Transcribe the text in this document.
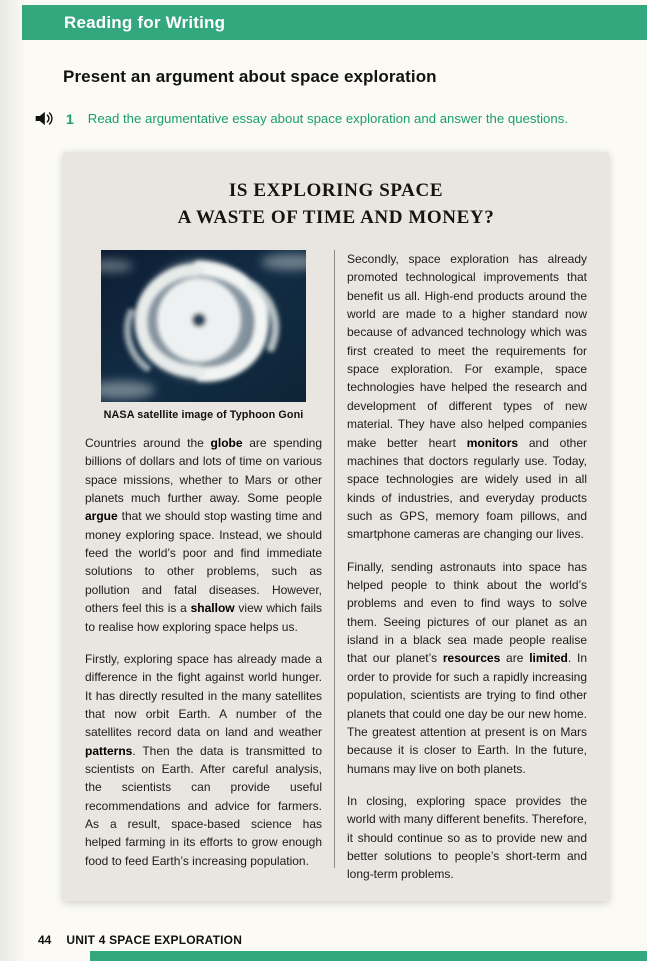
Reading for Writing
Present an argument about space exploration
1 Read the argumentative essay about space exploration and answer the questions.
IS EXPLORING SPACE
A WASTE OF TIME AND MONEY?
NASA satellite image of Typhoon Goni

Countries around the globe are spending billions of dollars and lots of time on various space missions, whether to Mars or other planets much further away. Some people argue that we should stop wasting time and money exploring space. Instead, we should feed the world’s poor and find immediate solutions to other problems, such as pollution and fatal diseases. However, others feel this is a shallow view which fails to realise how exploring space helps us.

Firstly, exploring space has already made a difference in the fight against world hunger. It has directly resulted in the many satellites that now orbit Earth. A number of the satellites record data on land and weather patterns. Then the data is transmitted to scientists on Earth. After careful analysis, the scientists can provide useful recommendations and advice for farmers. As a result, space-based science has helped farming in its efforts to grow enough food to feed Earth’s increasing population.

Secondly, space exploration has already promoted technological improvements that benefit us all. High-end products around the world are made to a higher standard now because of advanced technology which was first created to meet the requirements for space exploration. For example, space technologies have helped the research and development of different types of new material. They have also helped companies make better heart monitors and other machines that doctors regularly use. Today, space technologies are widely used in all kinds of industries, and everyday products such as GPS, memory foam pillows, and smartphone cameras are changing our lives.

Finally, sending astronauts into space has helped people to think about the world’s problems and even to find ways to solve them. Seeing pictures of our planet as an island in a black sea made people realise that our planet’s resources are limited. In order to provide for such a rapidly increasing population, scientists are trying to find other planets that could one day be our new home. The greatest attention at present is on Mars because it is closer to Earth. In the future, humans may live on both planets.

In closing, exploring space provides the world with many different benefits. Therefore, it should continue so as to provide new and better solutions to people’s short-term and long-term problems.

44 UNIT 4 SPACE EXPLORATION
